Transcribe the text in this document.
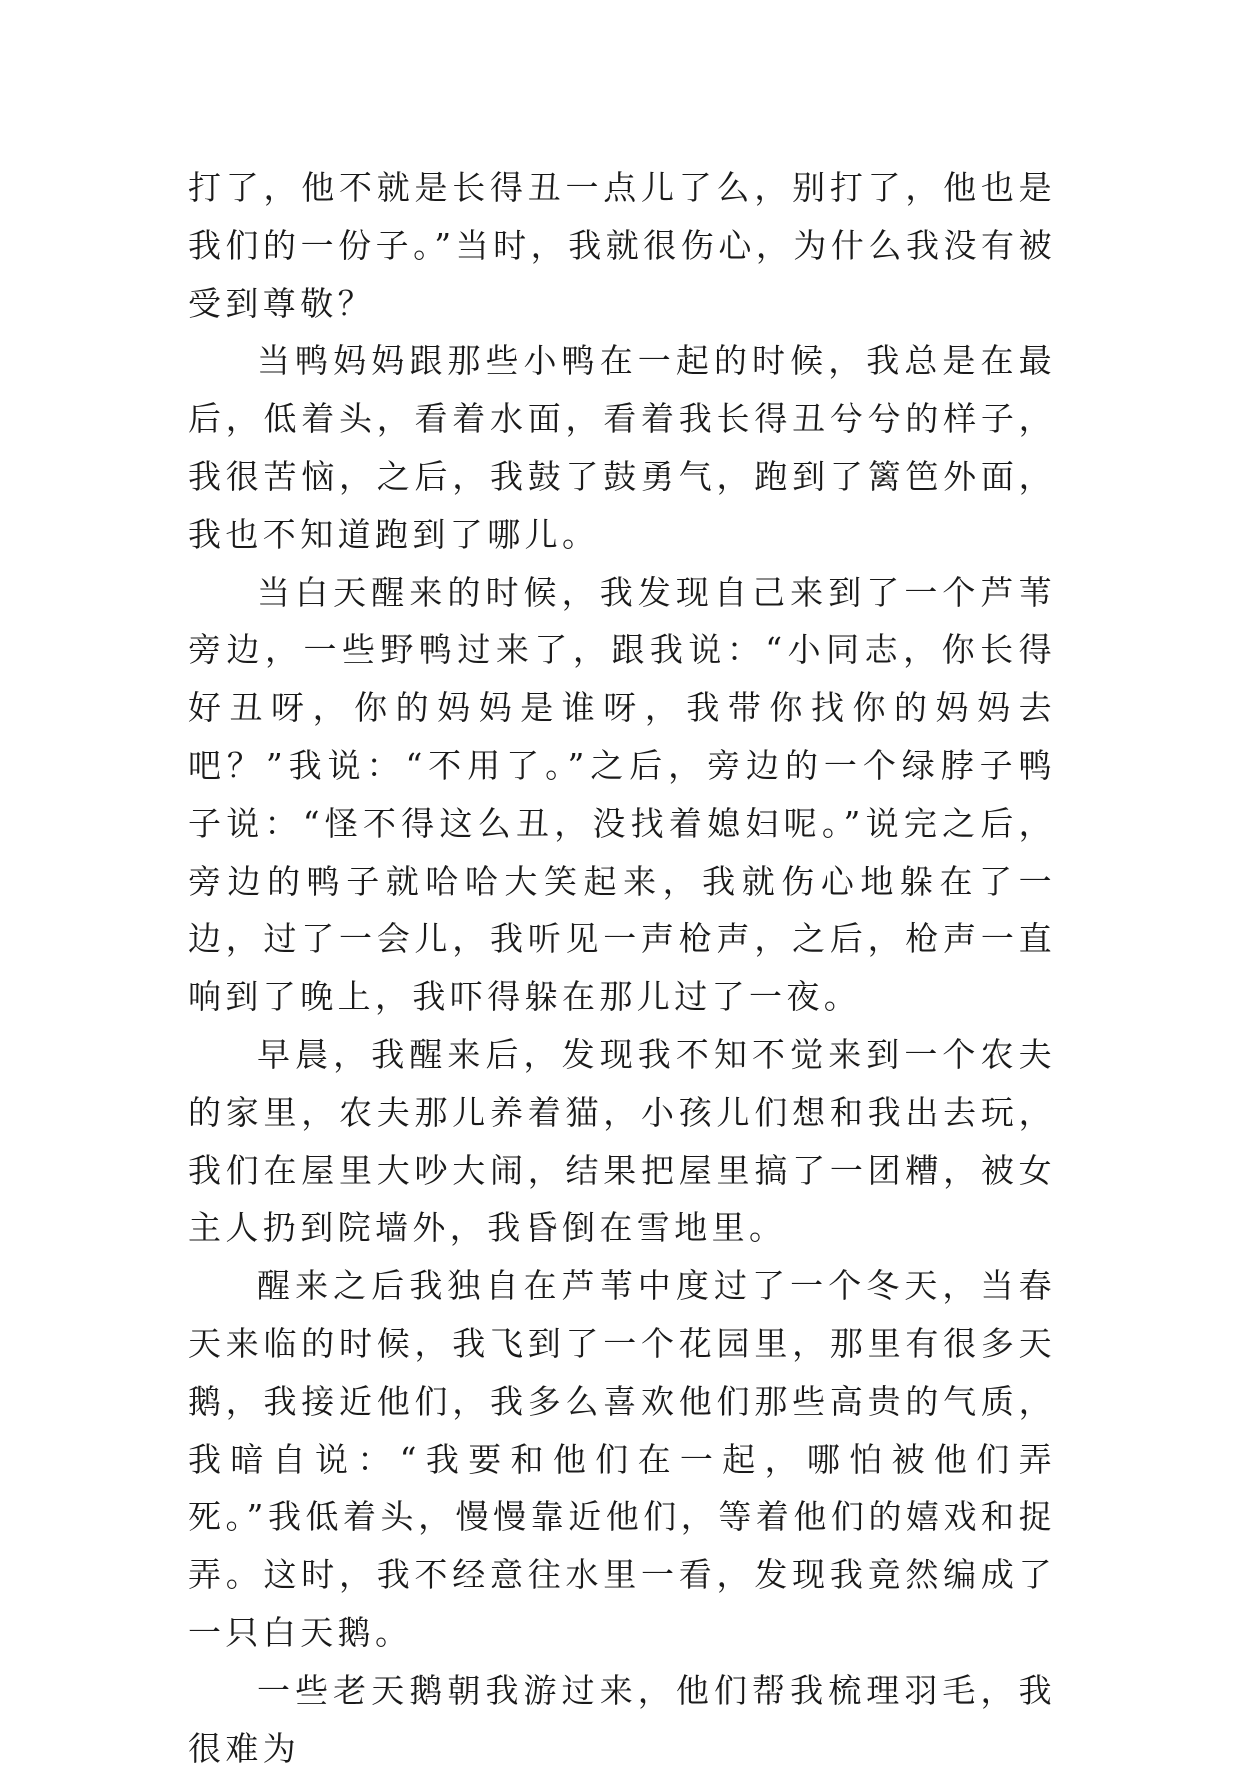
打了，他不就是长得丑一点儿了么，别打了，他也是我们的一份子。”当时，我就很伤心，为什么我没有被受到尊敬？

当鸭妈妈跟那些小鸭在一起的时候，我总是在最后，低着头，看着水面，看着我长得丑兮兮的样子，我很苦恼，之后，我鼓了鼓勇气，跑到了篱笆外面，我也不知道跑到了哪儿。

当白天醒来的时候，我发现自己来到了一个芦苇旁边，一些野鸭过来了，跟我说：“小同志，你长得好丑呀，你的妈妈是谁呀，我带你找你的妈妈去吧？”我说：“不用了。”之后，旁边的一个绿脖子鸭子说：“怪不得这么丑，没找着媳妇呢。”说完之后，旁边的鸭子就哈哈大笑起来，我就伤心地躲在了一边，过了一会儿，我听见一声枪声，之后，枪声一直响到了晚上，我吓得躲在那儿过了一夜。

早晨，我醒来后，发现我不知不觉来到一个农夫的家里，农夫那儿养着猫，小孩儿们想和我出去玩，我们在屋里大吵大闹，结果把屋里搞了一团糟，被女主人扔到院墙外，我昏倒在雪地里。

醒来之后我独自在芦苇中度过了一个冬天，当春天来临的时候，我飞到了一个花园里，那里有很多天鹅，我接近他们，我多么喜欢他们那些高贵的气质，我暗自说：“我要和他们在一起，哪怕被他们弄死。”我低着头，慢慢靠近他们，等着他们的嬉戏和捉弄。这时，我不经意往水里一看，发现我竟然编成了一只白天鹅。

一些老天鹅朝我游过来，他们帮我梳理羽毛，我很难为
